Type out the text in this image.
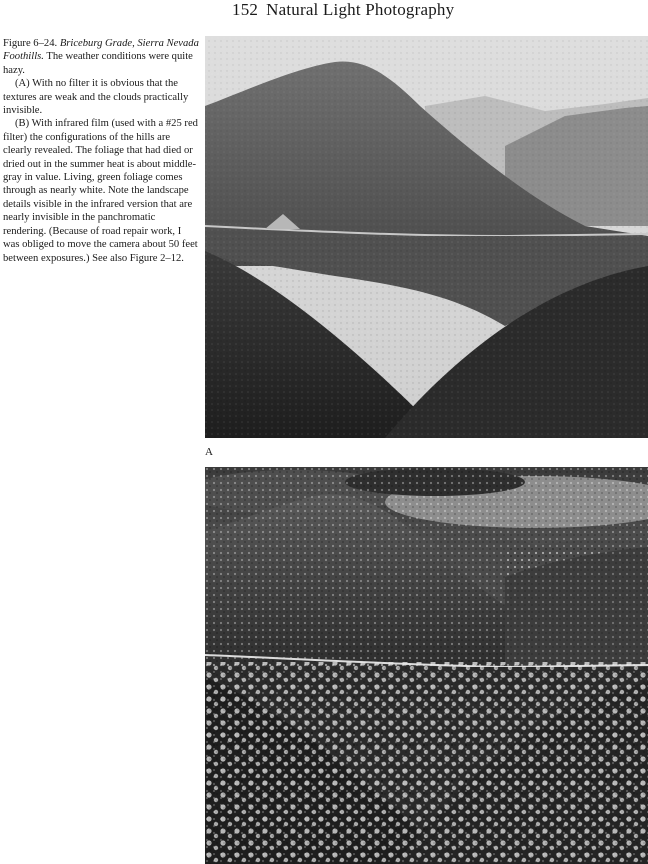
152 Natural Light Photography

Figure 6–24. Briceburg Grade, Sierra Nevada Foothills. The weather conditions were quite hazy.

(A) With no filter it is obvious that the textures are weak and the clouds practically invisible.

(B) With infrared film (used with a #25 red filter) the configurations of the hills are clearly revealed. The foliage that had died or dried out in the summer heat is about middle-gray in value. Living, green foliage comes through as nearly white. Note the landscape details visible in the infrared version that are nearly invisible in the panchromatic rendering. (Because of road repair work, I was obliged to move the camera about 50 feet between exposures.) See also Figure 2–12.

A
